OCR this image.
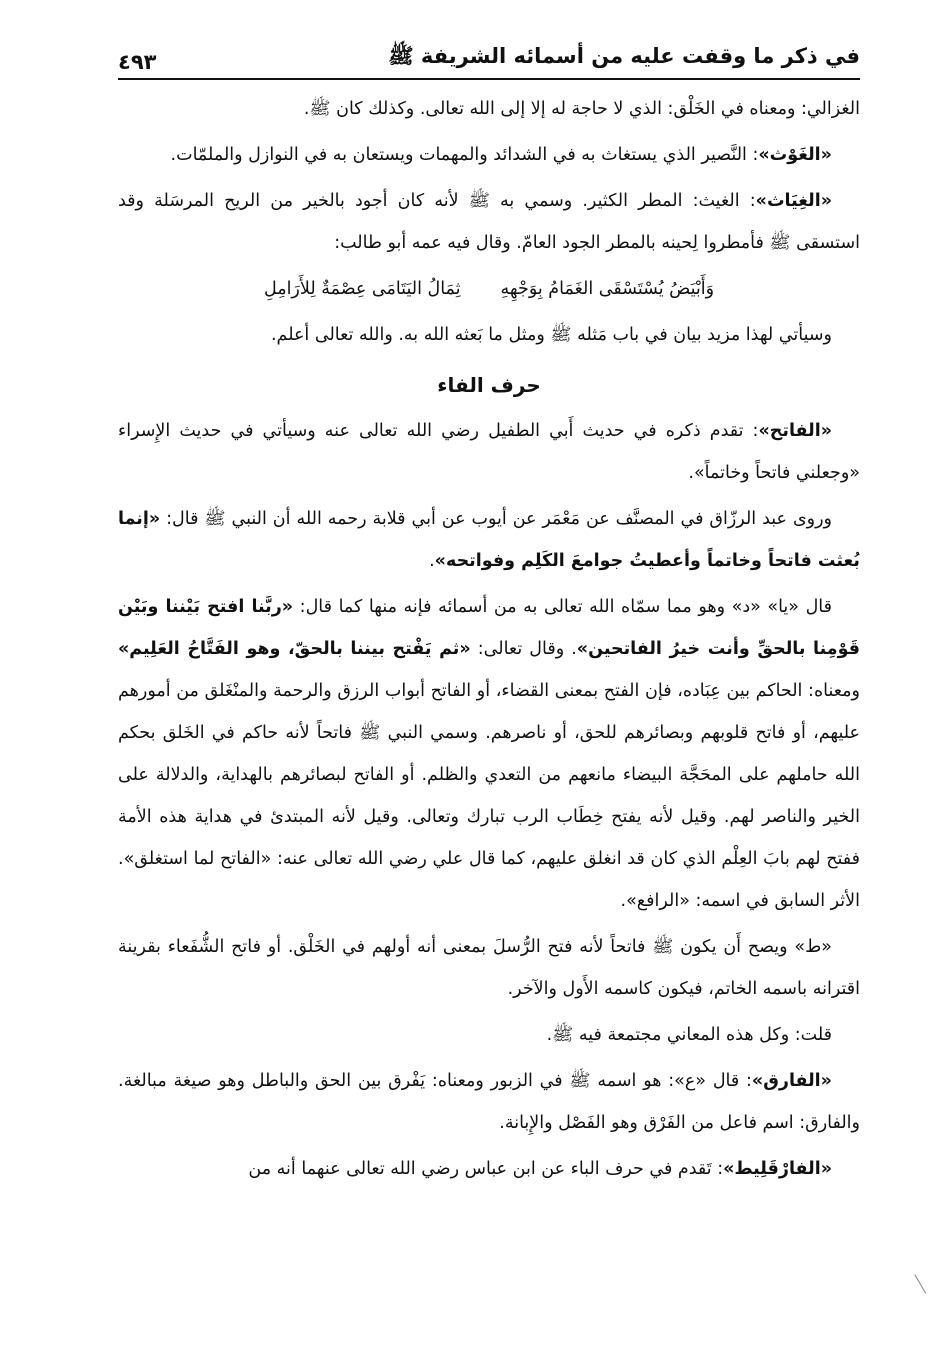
في ذكر ما وقفت عليه من أسمائه الشريفة ﷺ
٤٩٣

الغزالي: ومعناه في الخَلْق: الذي لا حاجة له إلا إلى الله تعالى. وكذلك كان ﷺ.

«الغَوْث»: النَّصير الذي يستغاث به في الشدائد والمهمات ويستعان به في النوازل والملمّات.

«الغِيَاث»: الغيث: المطر الكثير. وسمي به ﷺ لأنه كان أجود بالخير من الريح المرسَلة وقد استسقى ﷺ فأمطروا لِحينه بالمطر الجود العامّ. وقال فيه عمه أبو طالب:

وَأَبْيَضُ يُسْتَسْقَى الغَمَامُ بِوَجْهِهِ
ثِمَالُ اليَتَامَى عِصْمَةٌ لِلأَرَامِلِ

وسيأتي لهذا مزيد بيان في باب مَثله ﷺ ومثل ما بَعثه الله به. والله تعالى أعلم.

حرف الفاء

«الفاتح»: تقدم ذكره في حديث أَبي الطفيل رضي الله تعالى عنه وسيأتي في حديث الإِسراء «وجعلني فاتحاً وخاتماً».

وروى عبد الرزّاق في المصنَّف عن مَعْمَر عن أيوب عن أبي قلابة رحمه الله أن النبي ﷺ قال: «إنما بُعثت فاتحاً وخاتماً وأعطيتُ جوامعَ الكَلِم وفواتحه».

قال «يا» «د» وهو مما سمّاه الله تعالى به من أسمائه فإنه منها كما قال: «ربَّنا افتح بَيْننا وبَيْن قَوْمِنا بالحقِّ وأنت خيرُ الفاتحين». وقال تعالى: «ثم يَفْتح بيننا بالحقّ، وهو الفَتَّاحُ العَلِيم» ومعناه: الحاكم بين عِبَاده، فإن الفتح بمعنى القضاء، أو الفاتح أبواب الرزق والرحمة والمنْغَلق من أمورهم عليهم، أو فاتح قلوبهم وبصائرهم للحق، أو ناصرهم. وسمي النبي ﷺ فاتحاً لأنه حاكم في الخَلق بحكم الله حاملهم على المحَجَّة البيضاء مانعهم من التعدي والظلم. أو الفاتح لبصائرهم بالهداية، والدلالة على الخير والناصر لهم. وقيل لأنه يفتح خِطَاب الرب تبارك وتعالى. وقيل لأنه المبتدئ في هداية هذه الأمة ففتح لهم بابَ العِلْم الذي كان قد انغلق عليهم، كما قال علي رضي الله تعالى عنه: «الفاتح لما استغلق». الأثر السابق في اسمه: «الرافع».

«ط» ويصح أَن يكون ﷺ فاتحاً لأنه فتح الرُّسلَ بمعنى أنه أولهم في الخَلْق. أو فاتح الشُّفَعاء بقرينة اقترانه باسمه الخاتم، فيكون كاسمه الأَول والآخر.

قلت: وكل هذه المعاني مجتمعة فيه ﷺ.

«الفارق»: قال «ع»: هو اسمه ﷺ في الزبور ومعناه: يَفْرق بين الحق والباطل وهو صيغة مبالغة. والفارق: اسم فاعل من الفَرْق وهو الفَصْل والإِبانة.

«الفارْقَلِيط»: تَقدم في حرف الباء عن ابن عباس رضي الله تعالى عنهما أنه من
